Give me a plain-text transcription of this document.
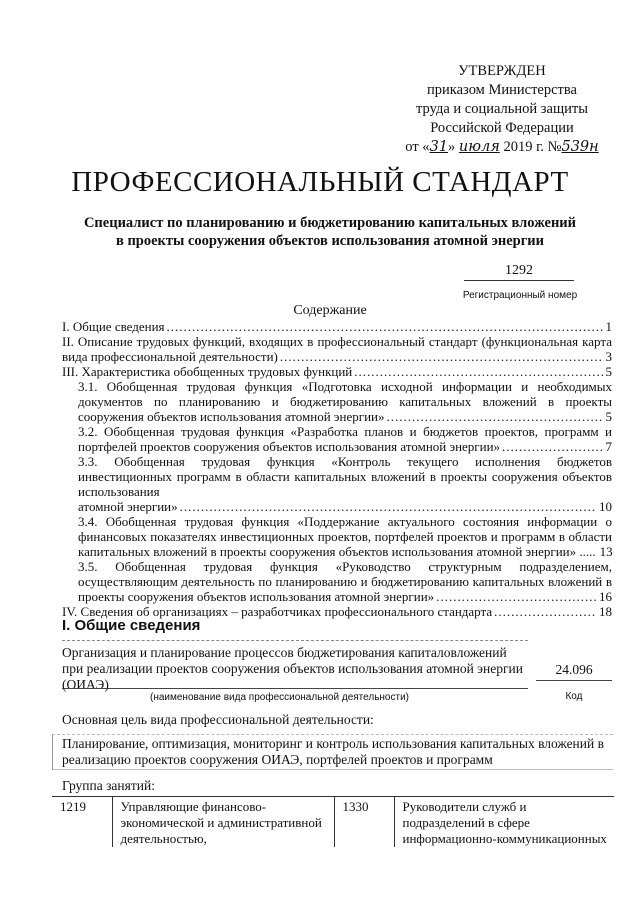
УТВЕРЖДЕН
приказом Министерства
труда и социальной защиты
Российской Федерации
от «31» июля 2019 г. №539н
ПРОФЕССИОНАЛЬНЫЙ СТАНДАРТ
Специалист по планированию и бюджетированию капитальных вложений
в проекты сооружения объектов использования атомной энергии
1292
Регистрационный номер
Содержание
I. Общие сведения .....	1
II. Описание трудовых функций, входящих в профессиональный стандарт (функциональная карта
вида профессиональной деятельности) .....	3
III. Характеристика обобщенных трудовых функций .....	5
3.1. Обобщенная трудовая функция «Подготовка исходной информации и необходимых документов по планированию и бюджетированию капитальных вложений в проекты
сооружения объектов использования атомной энергии» .....	5
3.2. Обобщенная трудовая функция «Разработка планов и бюджетов проектов, программ и
портфелей проектов сооружения объектов использования атомной энергии» .....	7
3.3. Обобщенная трудовая функция «Контроль текущего исполнения бюджетов инвестиционных программ в области капитальных вложений в проекты сооружения объектов использования
атомной энергии» .....	10
3.4. Обобщенная трудовая функция «Поддержание актуального состояния информации о финансовых показателях инвестиционных проектов, портфелей проектов и программ в области
капитальных вложений в проекты сооружения объектов использования атомной энергии» ..... 13
3.5. Обобщенная трудовая функция «Руководство структурным подразделением, осуществляющим деятельность по планированию и бюджетированию капитальных вложений в
проекты сооружения объектов использования атомной энергии» .....	16
IV. Сведения об организациях – разработчиках профессионального стандарта .....	18
I. Общие сведения
Организация и планирование процессов бюджетирования капиталовложений при реализации проектов сооружения объектов использования атомной энергии (ОИАЭ)
24.096
(наименование вида профессиональной деятельности)	Код
Основная цель вида профессиональной деятельности:
Планирование, оптимизация, мониторинг и контроль использования капитальных вложений в реализацию проектов сооружения ОИАЭ, портфелей проектов и программ
Группа занятий:
1219	Управляющие финансово-экономической и административной деятельностью,	1330	Руководители служб и подразделений в сфере информационно-коммуникационных
